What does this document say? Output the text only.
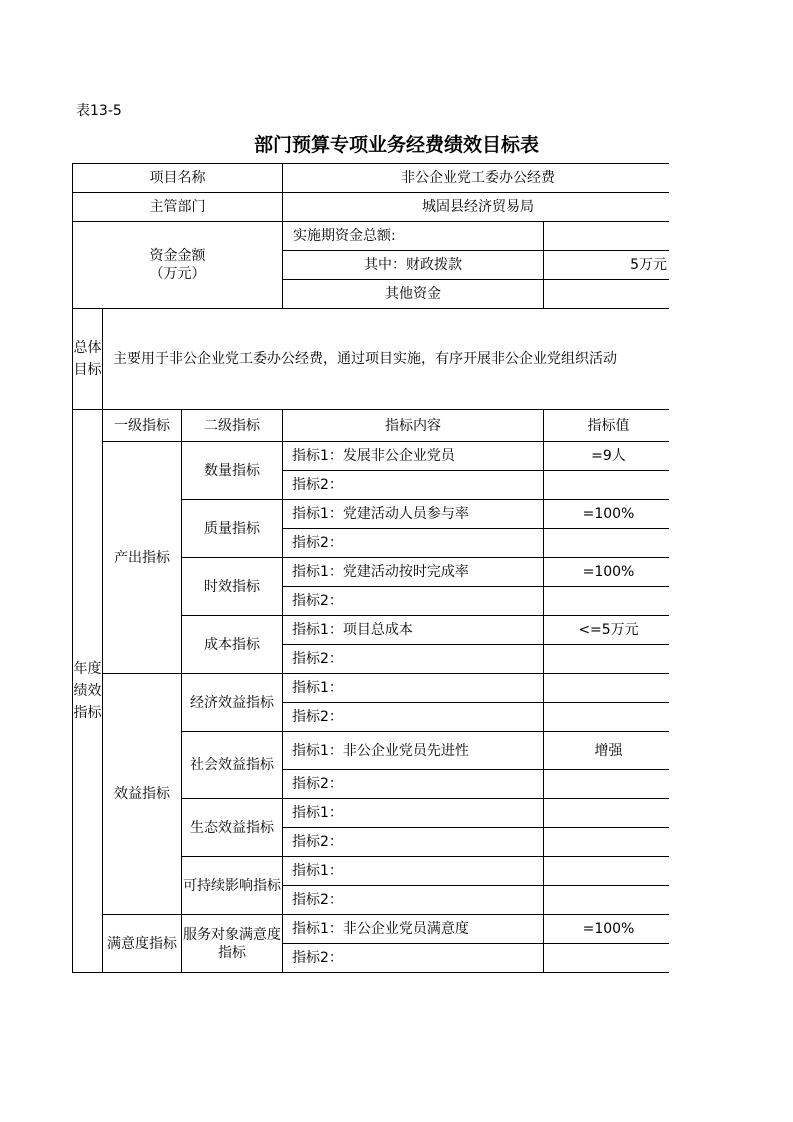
表13-5
部门预算专项业务经费绩效目标表
项目名称			非公企业党工委办公经费	
主管部门			城固县经济贸易局	

资金金额
（万元）			实施期资金总额:	
			其中：财政拨款	5万元
			其他资金	
总体目标	主要用于非公企业党工委办公经费，通过项目实施，有序开展非公企业党组织活动			
年度绩效指标	一级指标	二级指标	指标内容	指标值
	产出指标	数量指标	指标1：发展非公企业党员	=9人
			指标2：	
		质量指标	指标1：党建活动人员参与率	=100%
			指标2：	
		时效指标	指标1：党建活动按时完成率	=100%
			指标2：	
		成本指标	指标1：项目总成本	<=5万元
			指标2：	
	效益指标	经济效益指标	指标1：	
			指标2：	
		社会效益指标	指标1：非公企业党员先进性	增强
			指标2：	
		生态效益指标	指标1：	
			指标2：	
		可持续影响指标	指标1：	
			指标2：	
	满意度指标	服务对象满意度指标	指标1：非公企业党员满意度	=100%
			指标2：	
